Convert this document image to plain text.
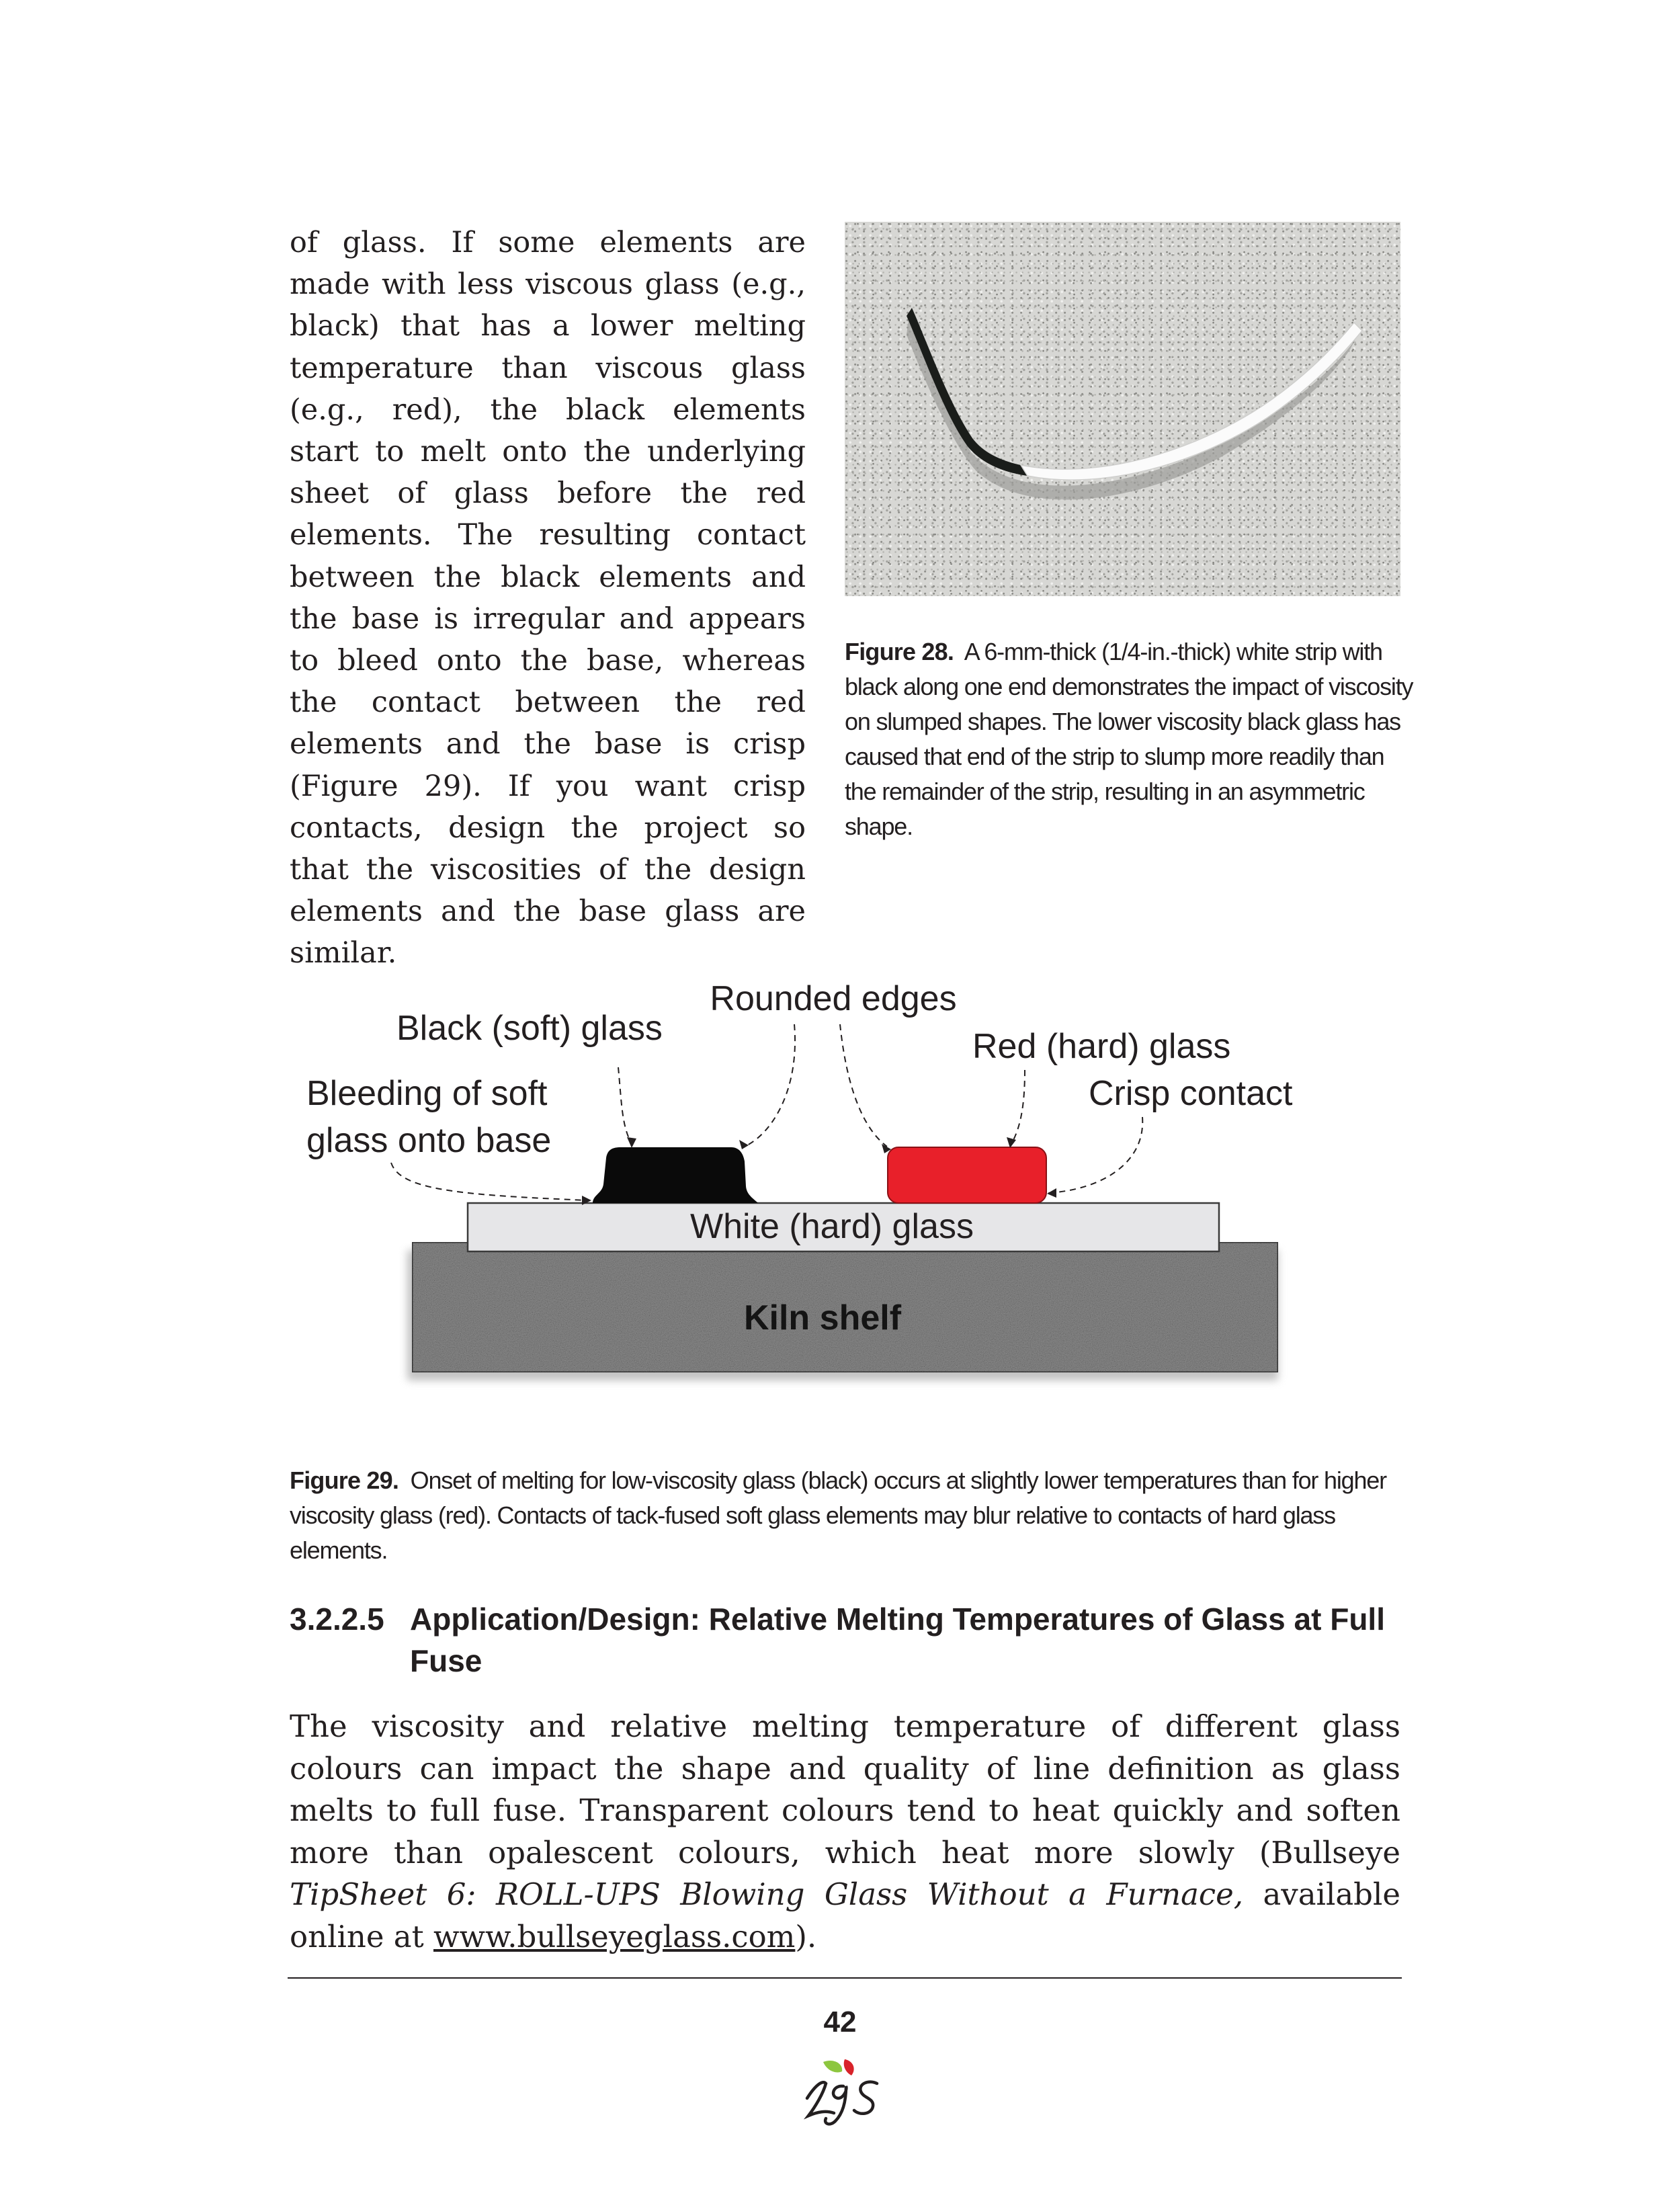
of glass. If some elements are made with less viscous glass (e.g., black) that has a lower melting temperature than viscous glass (e.g., red), the black elements start to melt onto the underlying sheet of glass before the red elements. The resulting contact between the black elements and the base is irregular and appears to bleed onto the base, whereas the contact between the red elements and the base is crisp (Figure 29). If you want crisp contacts, design the project so that the viscosities of the design elements and the base glass are similar.
Figure 28. A 6-mm-thick (1/4-in.-thick) white strip with black along one end demonstrates the impact of viscosity on slumped shapes. The lower viscosity black glass has caused that end of the strip to slump more readily than the remainder of the strip, resulting in an asymmetric shape.
Kiln shelf
White (hard) glass
Rounded edges
Black (soft) glass	Red (hard) glass
Bleeding of soft
glass onto base
Crisp contact
Figure 29. Onset of melting for low-viscosity glass (black) occurs at slightly lower temperatures than for higher viscosity glass (red). Contacts of tack-fused soft glass elements may blur relative to contacts of hard glass elements.
3.2.2.5 Application/Design: Relative Melting Temperatures of Glass at Full Fuse
The viscosity and relative melting temperature of different glass colours can impact the shape and quality of line definition as glass melts to full fuse. Transparent colours tend to heat quickly and soften more than opalescent colours, which heat more slowly (Bullseye TipSheet 6: ROLL-UPS Blowing Glass Without a Furnace, available online at www.bullseyeglass.com).
42
